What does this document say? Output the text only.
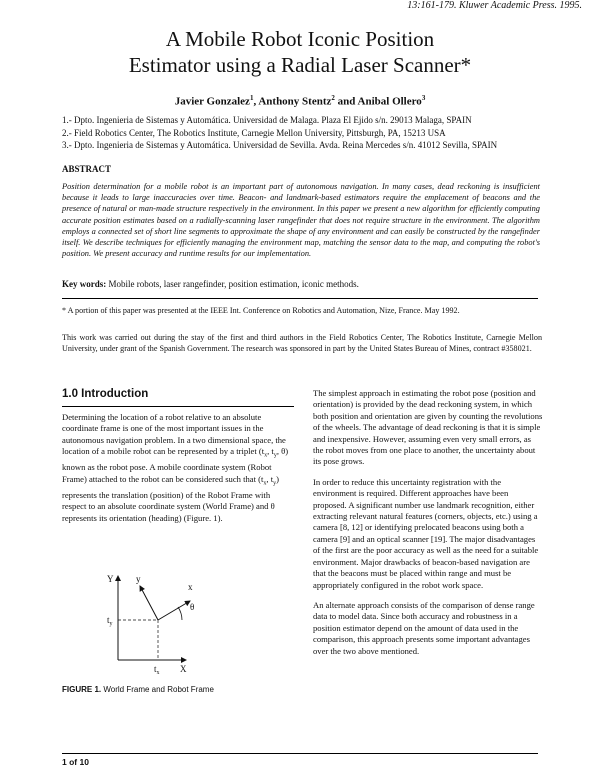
13:161-179. Kluwer Academic Press. 1995.
A Mobile Robot Iconic Position
Estimator using a Radial Laser Scanner*
Javier Gonzalez$^1$, Anthony Stentz$^2$ and Anibal Ollero$^3$
1.- Dpto. Ingenieria de Sistemas y Automática. Universidad de Malaga. Plaza El Ejido s/n. 29013 Malaga, SPAIN
2.- Field Robotics Center, The Robotics Institute, Carnegie Mellon University, Pittsburgh, PA, 15213 USA
3.- Dpto. Ingenieria de Sistemas y Automática. Universidad de Sevilla. Avda. Reina Mercedes s/n. 41012 Sevilla, SPAIN
ABSTRACT
Position determination for a mobile robot is an important part of autonomous navigation. In many cases, dead reckoning is insufficient because it leads to large inaccuracies over time. Beacon- and landmark-based estimators require the emplacement of beacons and the presence of natural or man-made structure respectively in the environment. In this paper we present a new algorithm for efficiently computing accurate position estimates based on a radially-scanning laser rangefinder that does not require structure in the environment. The algorithm employs a connected set of short line segments to approximate the shape of any environment and can easily be constructed by the rangefinder itself. We describe techniques for efficiently managing the environment map, matching the sensor data to the map, and computing the robot's position. We present accuracy and runtime results for our implementation.
Key words: Mobile robots, laser rangefinder, position estimation, iconic methods.
* A portion of this paper was presented at the IEEE Int. Conference on Robotics and Automation, Nize, France. May 1992.
This work was carried out during the stay of the first and third authors in the Field Robotics Center, The Robotics Institute, Carnegie Mellon University, under grant of the Spanish Government. The research was sponsored in part by the United States Bureau of Mines, contract #358021.
1.0 Introduction

Determining the location of a robot relative to an absolute coordinate frame is one of the most important issues in the autonomous navigation problem. In a two dimensional space, the location of a mobile robot can be represented by a triplet ($t_x$, $t_y$, θ) known as the robot pose. A mobile coordinate system (Robot Frame) attached to the robot can be considered such that ($t_x$, $t_y$) represents the translation (position) of the Robot Frame with respect to an absolute coordinate system (World Frame) and θ represents its orientation (heading) (Figure. 1).

Y	y
x
θ
$t_y$
$t_x$ X
FIGURE 1. World Frame and Robot Frame

The simplest approach in estimating the robot pose (position and orientation) is provided by the dead reckoning system, in which both position and orientation are given by counting the revolutions of the wheels. The advantage of dead reckoning is that it is simple and inexpensive. However, assuming even very small errors, as the robot moves from one place to another, the uncertainty about its pose grows.

In order to reduce this uncertainty registration with the environment is required. Different approaches have been proposed. A significant number use landmark recognition, either extracting relevant natural features (corners, objects, etc.) using a camera [8, 12] or identifying prelocated beacons using both a camera [9] and an optical scanner [19]. The major disadvantages of the first are the poor accuracy as well as the need for a suitable environment. Major drawbacks of beacon-based navigation are that the beacons must be placed within range and must be appropriately configured in the robot work space.

An alternate approach consists of the comparison of dense range data to model data. Since both accuracy and robustness in a position estimator depend on the amount of data used in the comparison, this approach presents some important advantages over the two above mentioned.

1 of 10
